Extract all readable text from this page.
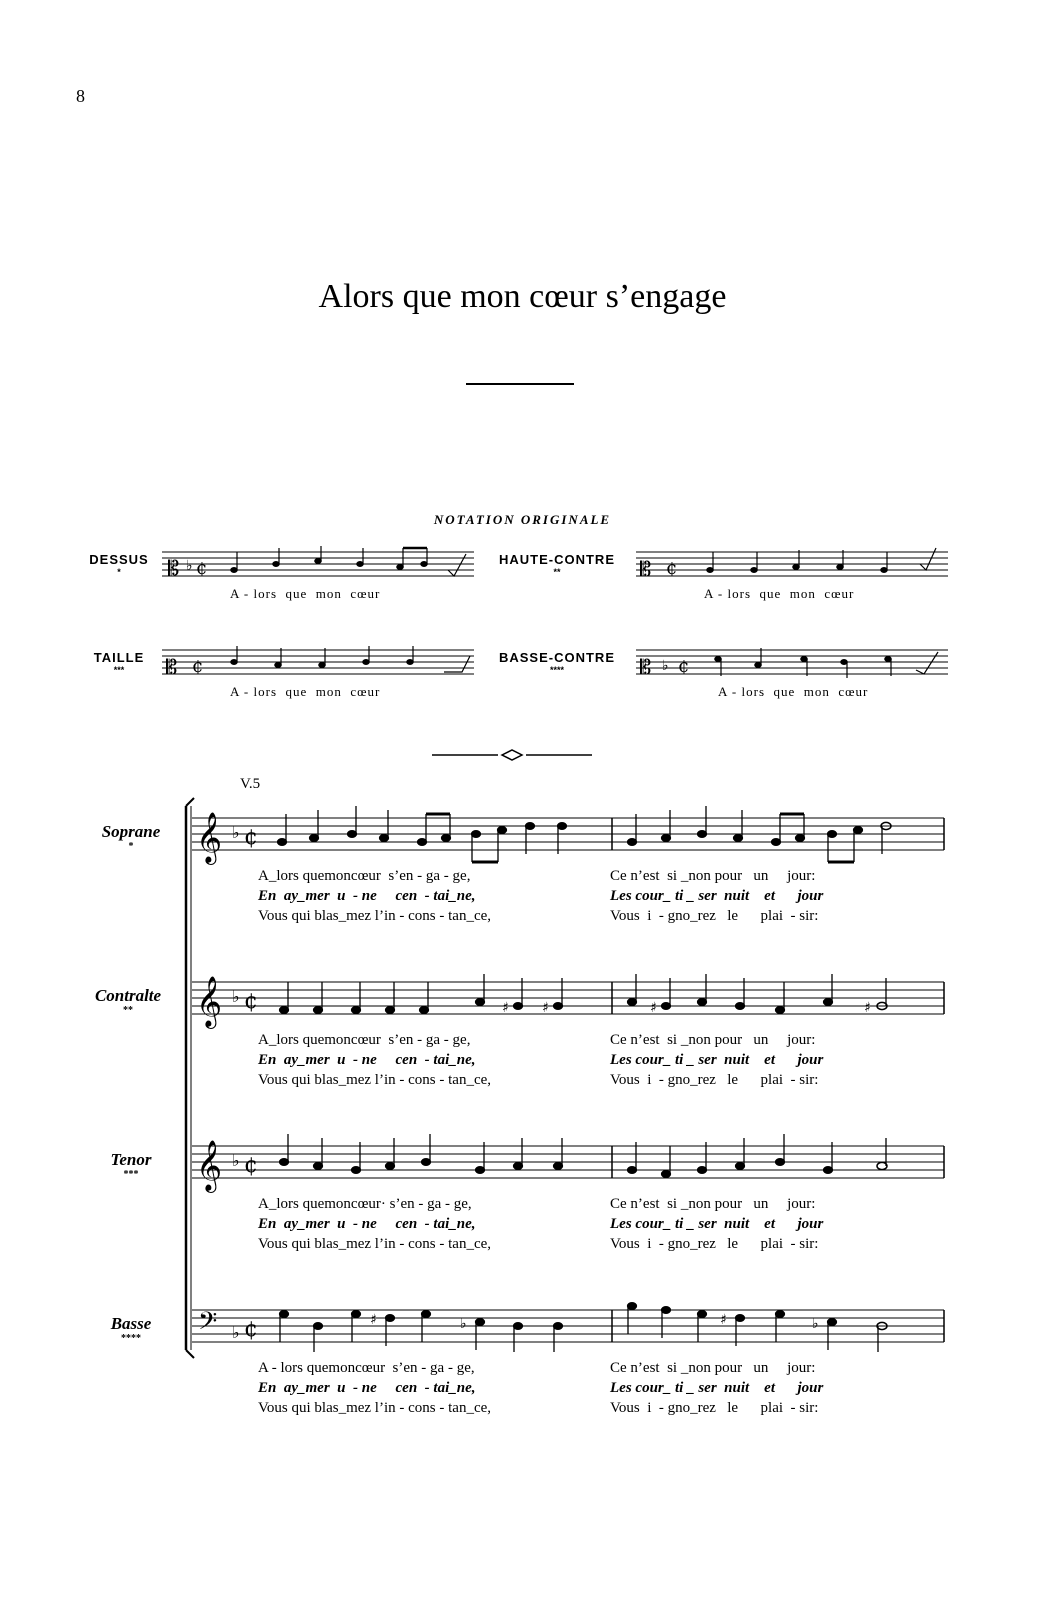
8
Alors que mon cœur s’engage
NOTATION ORIGINALE
DESSUS
*	𝄡 ♭ ¢
A - lors  que  mon  cœur
HAUTE-CONTRE
**	𝄡 ¢
A - lors  que  mon  cœur
TAILLE
***	𝄡 ¢
A - lors  que  mon  cœur
BASSE-CONTRE
****	𝄡 ♭ ¢
A - lors  que  mon  cœur
V.5
Soprane
*	𝄞 ♭ ¢
A_lors quemoncœur  s’en - ga - ge,
En  ay_mer  u  - ne     cen  - tai_ne,
Vous qui blas_mez l’in - cons - tan_ce,
Ce n’est  si _non pour   un     jour:
Les cour_ ti _ ser  nuit    et      jour
Vous  i  - gno_rez   le      plai  - sir:
Contralte
**	𝄞 ♭ ¢	♯ ♯	♯	♯
A_lors quemoncœur  s’en - ga - ge,
En  ay_mer  u  - ne     cen  - tai_ne,
Vous qui blas_mez l’in - cons - tan_ce,
Ce n’est  si _non pour   un     jour:
Les cour_ ti _ ser  nuit    et      jour
Vous  i  - gno_rez   le      plai  - sir:
Tenor
***	𝄞 ♭ ¢
A_lors quemoncœur· s’en - ga - ge,
En  ay_mer  u  - ne     cen  - tai_ne,
Vous qui blas_mez l’in - cons - tan_ce,
Ce n’est  si _non pour   un     jour:
Les cour_ ti _ ser  nuit    et      jour
Vous  i  - gno_rez   le      plai  - sir:
Basse
****	𝄢 ♭ ¢	♯	♭	♯	♭
A - lors quemoncœur  s’en - ga - ge,
En  ay_mer  u  - ne     cen  - tai_ne,
Vous qui blas_mez l’in - cons - tan_ce,
Ce n’est  si _non pour   un     jour:
Les cour_ ti _ ser  nuit    et      jour
Vous  i  - gno_rez   le      plai  - sir:
